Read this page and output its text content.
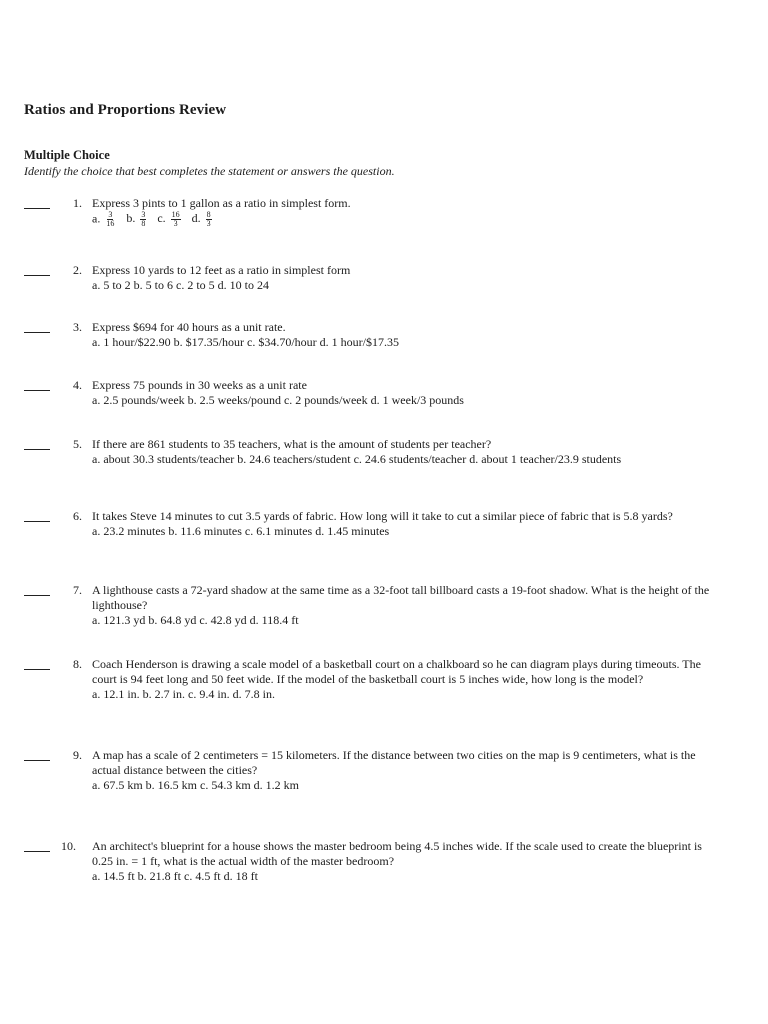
Ratios and Proportions Review
Multiple Choice
Identify the choice that best completes the statement or answers the question.
1. Express 3 pints to 1 gallon as a ratio in simplest form.
a. $\frac{3}{16} b$. $\frac{3}{8} c$. $\frac{16}{3} d$. $\frac{8}{3}$
2. Express 10 yards to 12 feet as a ratio in simplest form
a. 5 to 2 b. 5 to 6 c. 2 to 5 d. 10 to 24
3. Express $694 for 40 hours as a unit rate.
a. 1 hour/$22.90 b. $17.35/hour c. $34.70/hour d. 1 hour/$17.35
4. Express 75 pounds in 30 weeks as a unit rate
a. 2.5 pounds/week b. 2.5 weeks/pound c. 2 pounds/week d. 1 week/3 pounds
5. If there are 861 students to 35 teachers, what is the amount of students per teacher?
a. about 30.3 students/teacher b. 24.6 teachers/student c. 24.6 students/teacher d. about 1 teacher/23.9 students
6. It takes Steve 14 minutes to cut 3.5 yards of fabric. How long will it take to cut a similar piece of fabric that is 5.8 yards?
a. 23.2 minutes b. 11.6 minutes c. 6.1 minutes d. 1.45 minutes
7. A lighthouse casts a 72-yard shadow at the same time as a 32-foot tall billboard casts a 19-foot shadow. What is the height of the lighthouse?
a. 121.3 yd b. 64.8 yd c. 42.8 yd d. 118.4 ft
8. Coach Henderson is drawing a scale model of a basketball court on a chalkboard so he can diagram plays during timeouts. The court is 94 feet long and 50 feet wide. If the model of the basketball court is 5 inches wide, how long is the model?
a. 12.1 in. b. 2.7 in. c. 9.4 in. d. 7.8 in.
9. A map has a scale of 2 centimeters = 15 kilometers. If the distance between two cities on the map is 9 centimeters, what is the actual distance between the cities?
a. 67.5 km b. 16.5 km c. 54.3 km d. 1.2 km
10. An architect's blueprint for a house shows the master bedroom being 4.5 inches wide. If the scale used to create the blueprint is 0.25 in. = 1 ft, what is the actual width of the master bedroom?
a. 14.5 ft b. 21.8 ft c. 4.5 ft d. 18 ft
